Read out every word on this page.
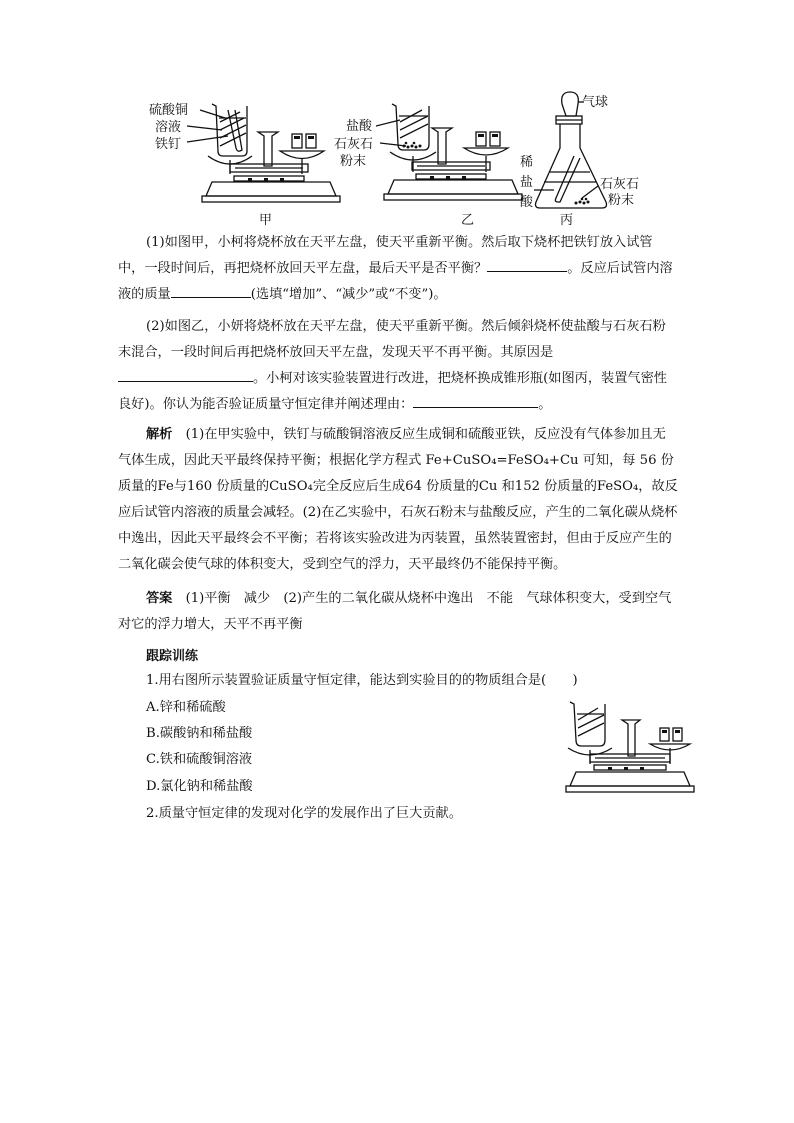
硫酸铜
溶液
铁钉
甲
盐酸
石灰石
粉末
乙
气球
稀
盐
酸
石灰石
粉末
丙
(1)如图甲，小柯将烧杯放在天平左盘，使天平重新平衡。然后取下烧杯把铁钉放入试管中，一段时间后，再把烧杯放回天平左盘，最后天平是否平衡？	。反应后试管内溶液的质量	(选填“增加”、“减少”或“不变”)。
(2)如图乙，小妍将烧杯放在天平左盘，使天平重新平衡。然后倾斜烧杯使盐酸与石灰石粉末混合，一段时间后再把烧杯放回天平左盘，发现天平不再平衡。其原因是。小柯对该实验装置进行改进，把烧杯换成锥形瓶(如图丙，装置气密性良好)。你认为能否验证质量守恒定律并阐述理由：	。
解析　 (1)在甲实验中，铁钉与硫酸铜溶液反应生成铜和硫酸亚铁，反应没有气体参加且无气体生成，因此天平最终保持平衡；根据化学方程式 Fe+CuSO₄=FeSO₄+Cu 可知，每 56 份质量的Fe与160 份质量的CuSO₄完全反应后生成64 份质量的Cu 和152 份质量的FeSO₄，故反应后试管内溶液的质量会减轻。(2)在乙实验中，石灰石粉末与盐酸反应，产生的二氧化碳从烧杯中逸出，因此天平最终会不平衡；若将该实验改进为丙装置，虽然装置密封，但由于反应产生的二氧化碳会使气球的体积变大，受到空气的浮力，天平最终仍不能保持平衡。
答案　 (1)平衡　减少　(2)产生的二氧化碳从烧杯中逸出　不能　气球体积变大，受到空气对它的浮力增大，天平不再平衡
跟踪训练
1.用右图所示装置验证质量守恒定律，能达到实验目的的物质组合是(　　)
A.锌和稀硫酸
B.碳酸钠和稀盐酸
C.铁和硫酸铜溶液
D.氯化钠和稀盐酸
2.质量守恒定律的发现对化学的发展作出了巨大贡献。
